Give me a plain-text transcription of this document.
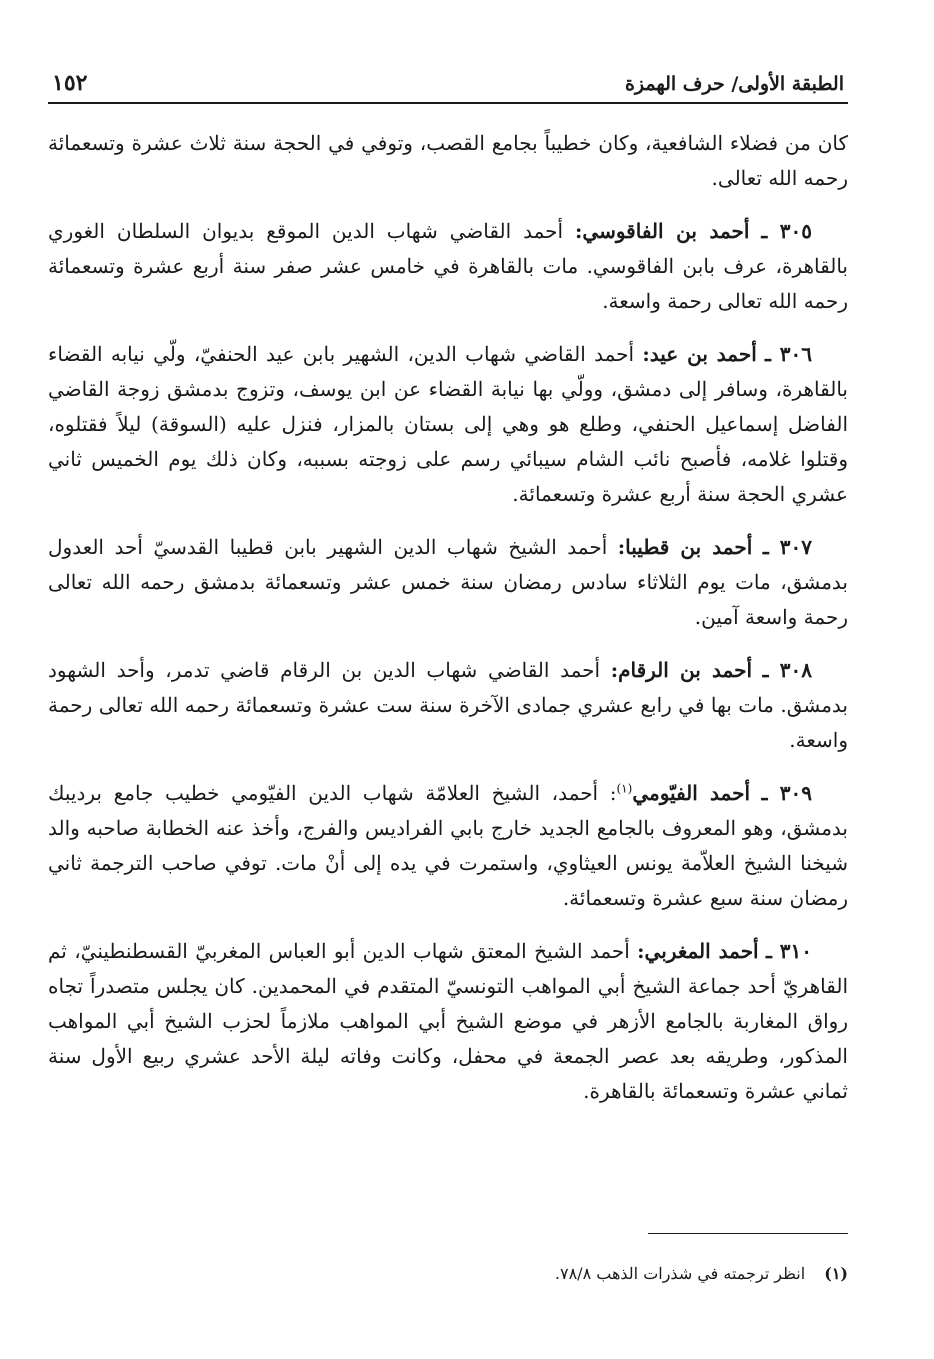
الطبقة الأولى/ حرف الهمزة
١٥٢

كان من فضلاء الشافعية، وكان خطيباً بجامع القصب، وتوفي في الحجة سنة ثلاث عشرة وتسعمائة رحمه الله تعالى.

٣٠٥ ـ أحمد بن الفاقوسي: أحمد القاضي شهاب الدين الموقع بديوان السلطان الغوري بالقاهرة، عرف بابن الفاقوسي. مات بالقاهرة في خامس عشر صفر سنة أربع عشرة وتسعمائة رحمه الله تعالى رحمة واسعة.

٣٠٦ ـ أحمد بن عيد: أحمد القاضي شهاب الدين، الشهير بابن عيد الحنفيّ، ولّي نيابه القضاء بالقاهرة، وسافر إلى دمشق، وولّي بها نيابة القضاء عن ابن يوسف، وتزوج بدمشق زوجة القاضي الفاضل إسماعيل الحنفي، وطلع هو وهي إلى بستان بالمزار، فنزل عليه (السوقة) ليلاً فقتلوه، وقتلوا غلامه، فأصبح نائب الشام سيبائي رسم على زوجته بسببه، وكان ذلك يوم الخميس ثاني عشري الحجة سنة أربع عشرة وتسعمائة.

٣٠٧ ـ أحمد بن قطيبا: أحمد الشيخ شهاب الدين الشهير بابن قطيبا القدسيّ أحد العدول بدمشق، مات يوم الثلاثاء سادس رمضان سنة خمس عشر وتسعمائة بدمشق رحمه الله تعالى رحمة واسعة آمين.

٣٠٨ ـ أحمد بن الرقام: أحمد القاضي شهاب الدين بن الرقام قاضي تدمر، وأحد الشهود بدمشق. مات بها في رابع عشري جمادى الآخرة سنة ست عشرة وتسعمائة رحمه الله تعالى رحمة واسعة.

٣٠٩ ـ أحمد الفيّومي$^{(١)}$: أحمد، الشيخ العلامّة شهاب الدين الفيّومي خطيب جامع برديبك بدمشق، وهو المعروف بالجامع الجديد خارج بابي الفراديس والفرج، وأخذ عنه الخطابة صاحبه والد شيخنا الشيخ العلاّمة يونس العيثاوي، واستمرت في يده إلى أنْ مات. توفي صاحب الترجمة ثاني رمضان سنة سبع عشرة وتسعمائة.

٣١٠ ـ أحمد المغربي: أحمد الشيخ المعتق شهاب الدين أبو العباس المغربيّ القسطنطينيّ، ثم القاهريّ أحد جماعة الشيخ أبي المواهب التونسيّ المتقدم في المحمدين. كان يجلس متصدراً تجاه رواق المغاربة بالجامع الأزهر في موضع الشيخ أبي المواهب ملازماً لحزب الشيخ أبي المواهب المذكور، وطريقه بعد عصر الجمعة في محفل، وكانت وفاته ليلة الأحد عشري ربيع الأول سنة ثماني عشرة وتسعمائة بالقاهرة.

(١) انظر ترجمته في شذرات الذهب ٧٨/٨.
